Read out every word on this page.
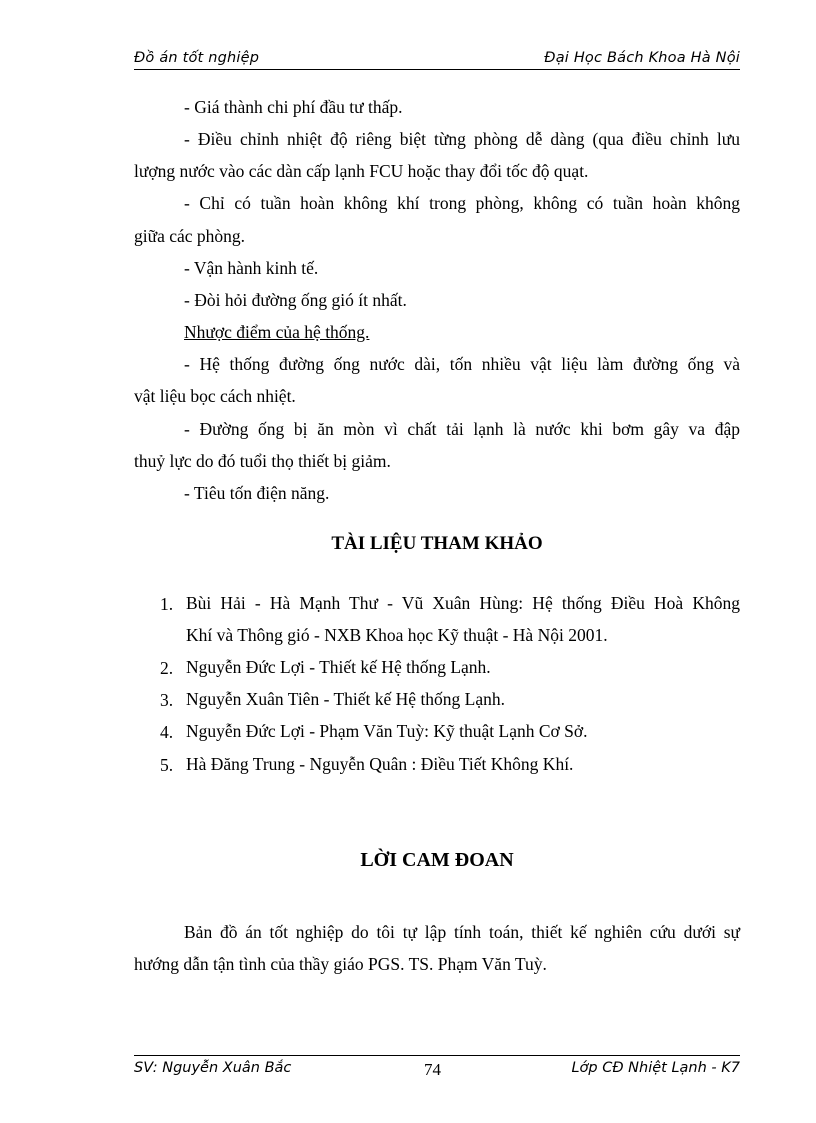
Đồ án tốt nghiệp	Đại Học Bách Khoa Hà Nội
- Giá thành chi phí đầu tư thấp.
- Điều chỉnh nhiệt độ riêng biệt từng phòng dễ dàng (qua điều chỉnh lưu
lượng nước vào các dàn cấp lạnh FCU hoặc thay đổi tốc độ quạt.
- Chỉ có tuần hoàn không khí trong phòng, không có tuần hoàn không
giữa các phòng.
- Vận hành kinh tế.
- Đòi hỏi đường ống gió ít nhất.
Nhược điểm của hệ thống.
- Hệ thống đường ống nước dài, tốn nhiều vật liệu làm đường ống và
vật liệu bọc cách nhiệt.
- Đường ống bị ăn mòn vì chất tải lạnh là nước khi bơm gây va đập
thuỷ lực do đó tuổi thọ thiết bị giảm.
- Tiêu tốn điện năng.
TÀI LIỆU THAM KHẢO
1. Bùi Hải - Hà Mạnh Thư - Vũ Xuân Hùng: Hệ thống Điều Hoà Không
Khí và Thông gió - NXB Khoa học Kỹ thuật - Hà Nội 2001.
2. Nguyễn Đức Lợi - Thiết kế Hệ thống Lạnh.
3. Nguyễn Xuân Tiên - Thiết kế Hệ thống Lạnh.
4. Nguyễn Đức Lợi - Phạm Văn Tuỳ: Kỹ thuật Lạnh Cơ Sở.
5. Hà Đăng Trung - Nguyễn Quân : Điều Tiết Không Khí.
LỜI CAM ĐOAN
Bản đồ án tốt nghiệp do tôi tự lập tính toán, thiết kế nghiên cứu dưới sự
hướng dẫn tận tình của thầy giáo PGS. TS. Phạm Văn Tuỳ.
SV: Nguyễn Xuân Bắc	74	Lớp CĐ Nhiệt Lạnh - K7
